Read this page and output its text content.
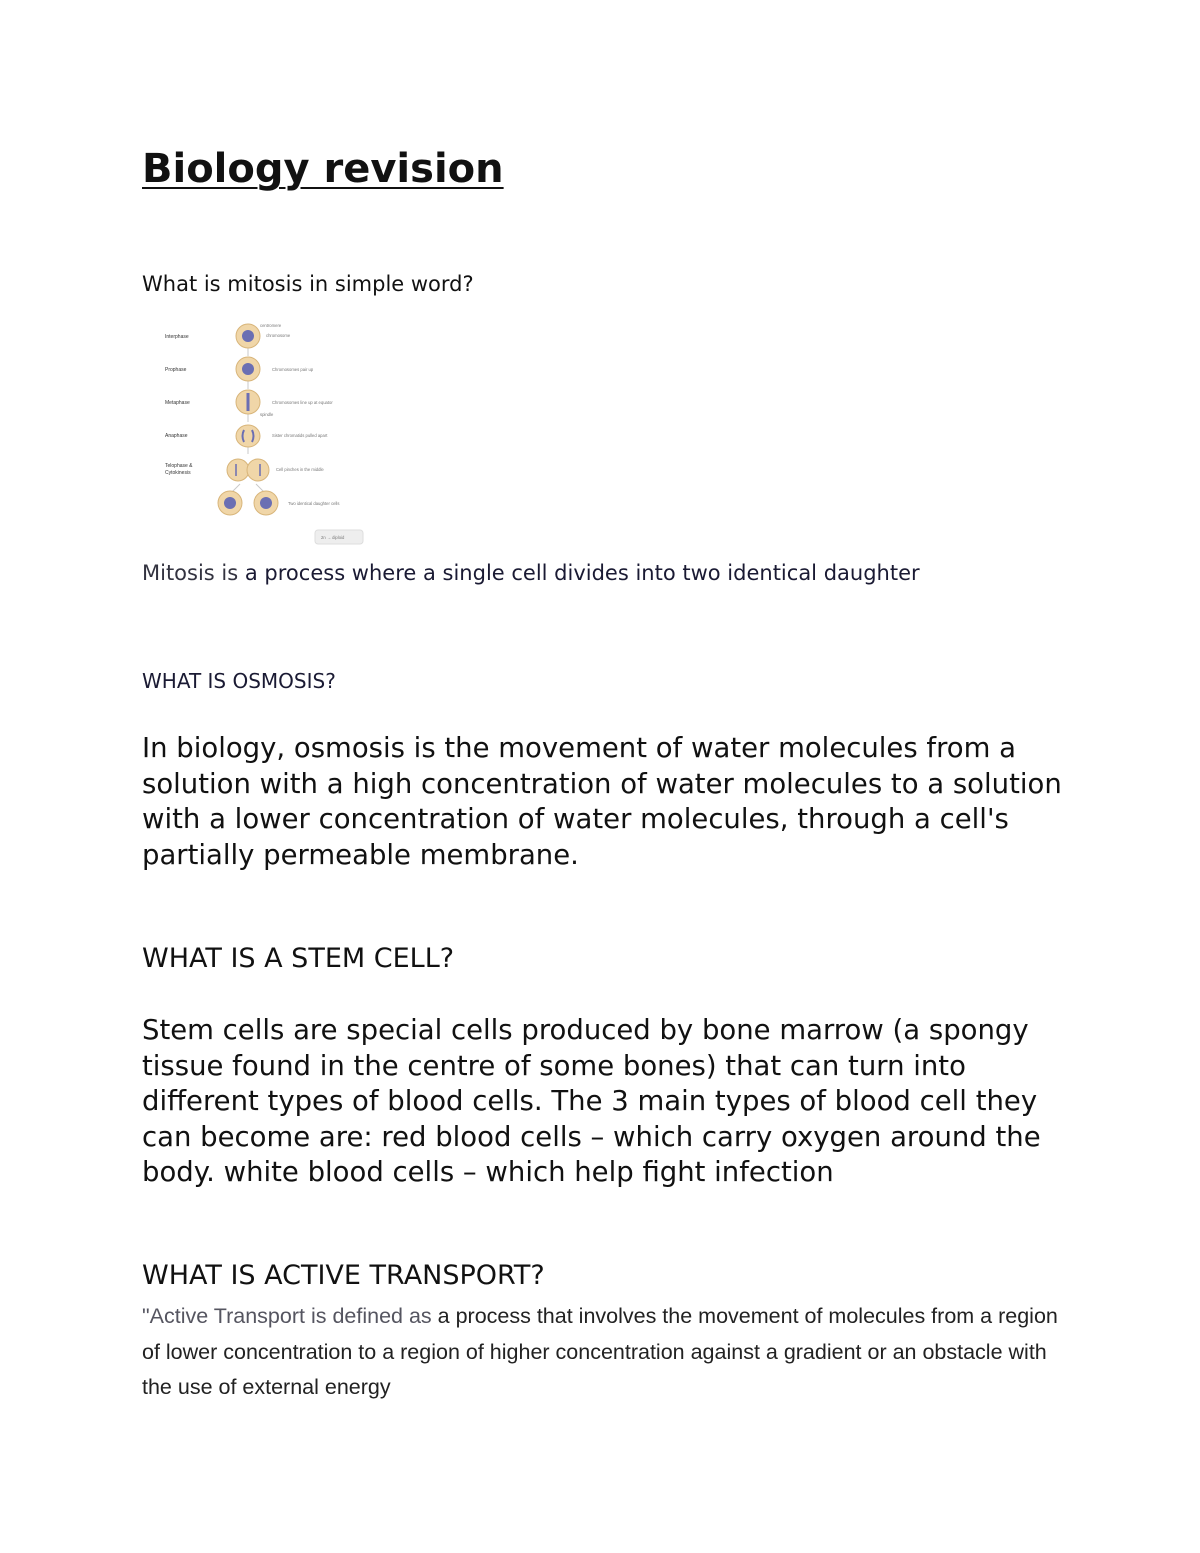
Biology revision

What is mitosis in simple word?

Interphase
Prophase
Metaphase
Anaphase
Telophase &
Cytokinesis
centromere
chromosome
Chromosomes pair up
Chromosomes line up at equator
spindle
Sister chromatids pulled apart
Cell pinches in the middle
Two identical daughter cells
2n → diploid

Mitosis is a process where a single cell divides into two identical daughter

WHAT IS OSMOSIS?

In biology, osmosis is the movement of water molecules from a solution with a high concentration of water molecules to a solution with a lower concentration of water molecules, through a cell's partially permeable membrane.

WHAT IS A STEM CELL?

Stem cells are special cells produced by bone marrow (a spongy tissue found in the centre of some bones) that can turn into different types of blood cells. The 3 main types of blood cell they can become are: red blood cells – which carry oxygen around the body. white blood cells – which help fight infection

WHAT IS ACTIVE TRANSPORT?

"Active Transport is defined as a process that involves the movement of molecules from a region of lower concentration to a region of higher concentration against a gradient or an obstacle with the use of external energy
